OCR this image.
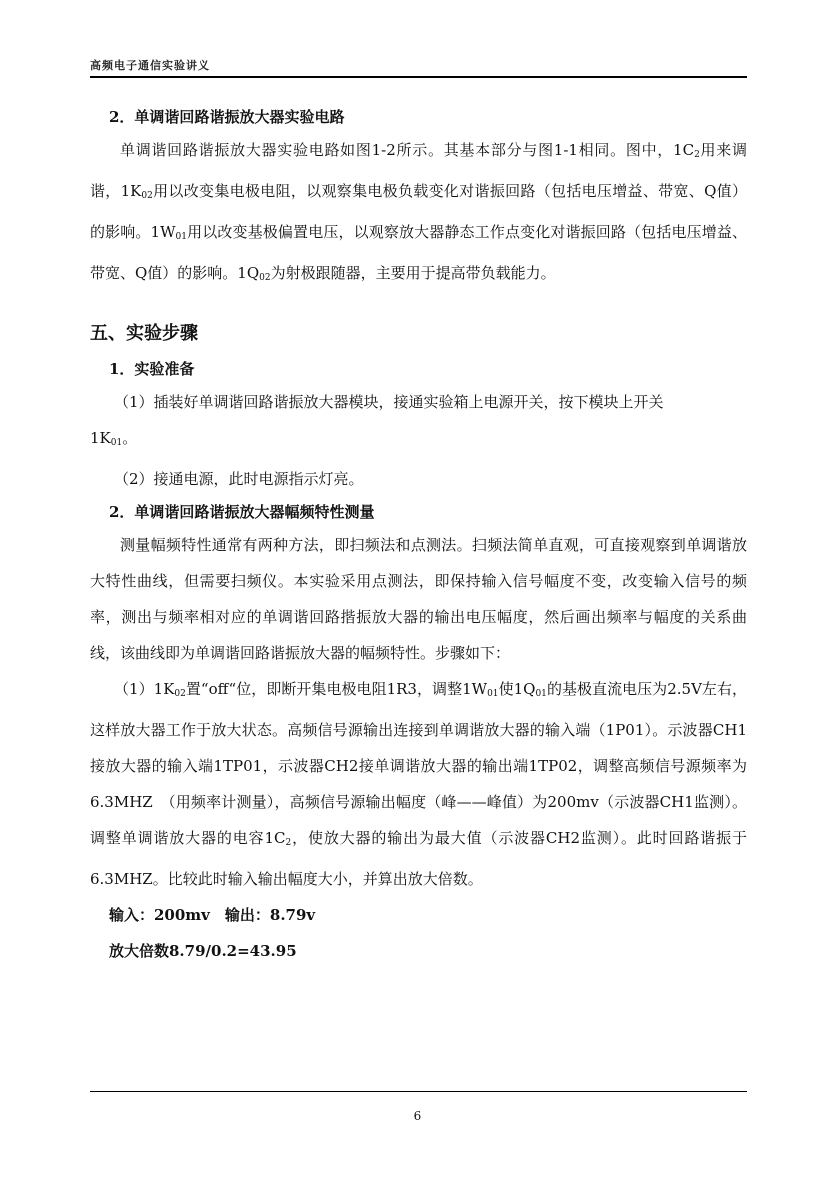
高频电子通信实验讲义

2．单调谐回路谐振放大器实验电路

单调谐回路谐振放大器实验电路如图1-2所示。其基本部分与图1-1相同。图中，$1C_2$用来调谐，$1K_{02}$用以改变集电极电阻，以观察集电极负载变化对谐振回路（包括电压增益、带宽、Q值）的影响。$1W_{01}$用以改变基极偏置电压，以观察放大器静态工作点变化对谐振回路（包括电压增益、带宽、Q值）的影响。$1Q_{02}$为射极跟随器，主要用于提高带负载能力。

五、实验步骤

1．实验准备

（1）插装好单调谐回路谐振放大器模块，接通实验箱上电源开关，按下模块上开关

$1K_{01}$。

（2）接通电源，此时电源指示灯亮。

2．单调谐回路谐振放大器幅频特性测量

测量幅频特性通常有两种方法，即扫频法和点测法。扫频法简单直观，可直接观察到单调谐放大特性曲线，但需要扫频仪。本实验采用点测法，即保持输入信号幅度不变，改变输入信号的频率，测出与频率相对应的单调谐回路揩振放大器的输出电压幅度，然后画出频率与幅度的关系曲线，该曲线即为单调谐回路谐振放大器的幅频特性。步骤如下：

$(1)1K_{02}$置“off“位，即断开集电极电阻1R3，调整$1W_{01}$使$1Q_{01}$的基极直流电压为2.5V左右，这样放大器工作于放大状态。高频信号源输出连接到单调谐放大器的输入端（1P01）。示波器CH1接放大器的输入端1TP01，示波器CH2接单调谐放大器的输出端1TP02，调整高频信号源频率为6.3MHZ　（用频率计测量），高频信号源输出幅度（峰——峰值）为200mv（示波器CH1监测）。调整单调谐放大器的电容$1C_2$，使放大器的输出为最大值（示波器CH2监测）。此时回路谐振于6.3MHZ。比较此时输入输出幅度大小，并算出放大倍数。

输入：200mv　输出：8.79v

放大倍数8.79/0.2=43.95

6
